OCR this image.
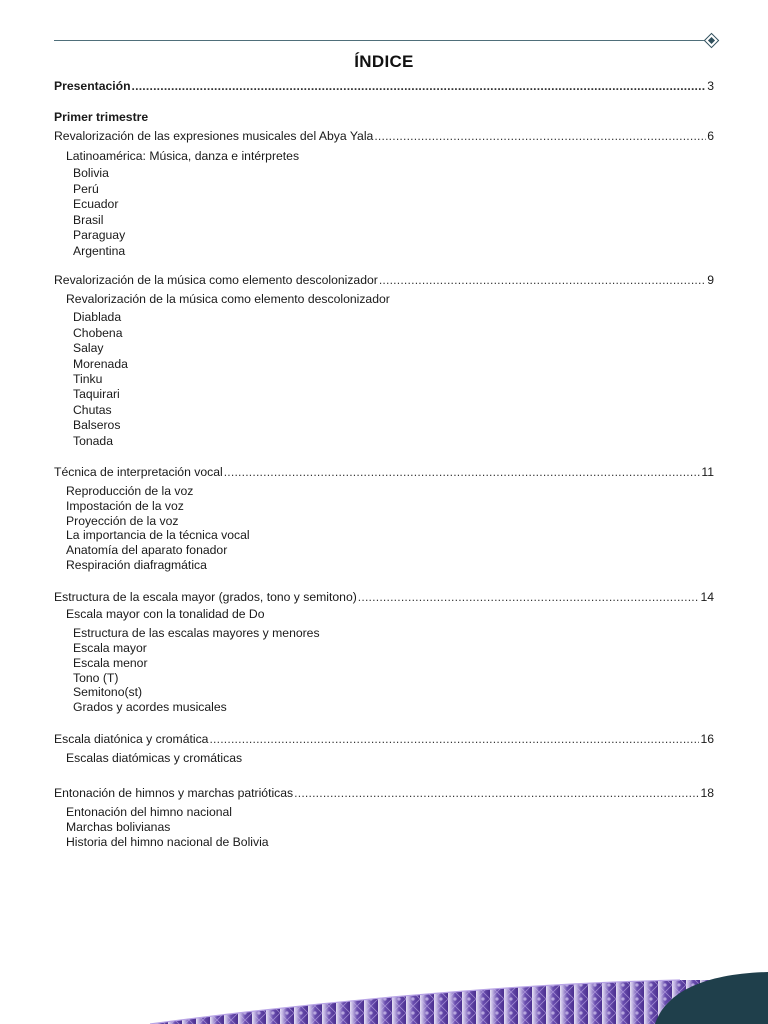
ÍNDICE
Presentación .....	3
Primer trimestre
Revalorización de las expresiones musicales del Abya Yala .....	6
Latinoamérica: Música, danza e intérpretes
Bolivia
Perú
Ecuador
Brasil
Paraguay
Argentina
Revalorización de la música como elemento descolonizador .....	9
Revalorización de la música como elemento descolonizador
Diablada
Chobena
Salay
Morenada
Tinku
Taquirari
Chutas
Balseros
Tonada
Técnica de interpretación vocal .....	11
Reproducción de la voz
Impostación de la voz
Proyección de la voz
La importancia de la técnica vocal
Anatomía del aparato fonador
Respiración diafragmática
Estructura de la escala mayor (grados, tono y semitono) .....	14
Escala mayor con la tonalidad de Do
Estructura de las escalas mayores y menores
Escala mayor
Escala menor
Tono (T)
Semitono(st)
Grados y acordes musicales
Escala diatónica y cromática .....	16
Escalas diatómicas y cromáticas
Entonación de himnos y marchas patrióticas .....	18
Entonación del himno nacional
Marchas bolivianas
Historia del himno nacional de Bolivia
